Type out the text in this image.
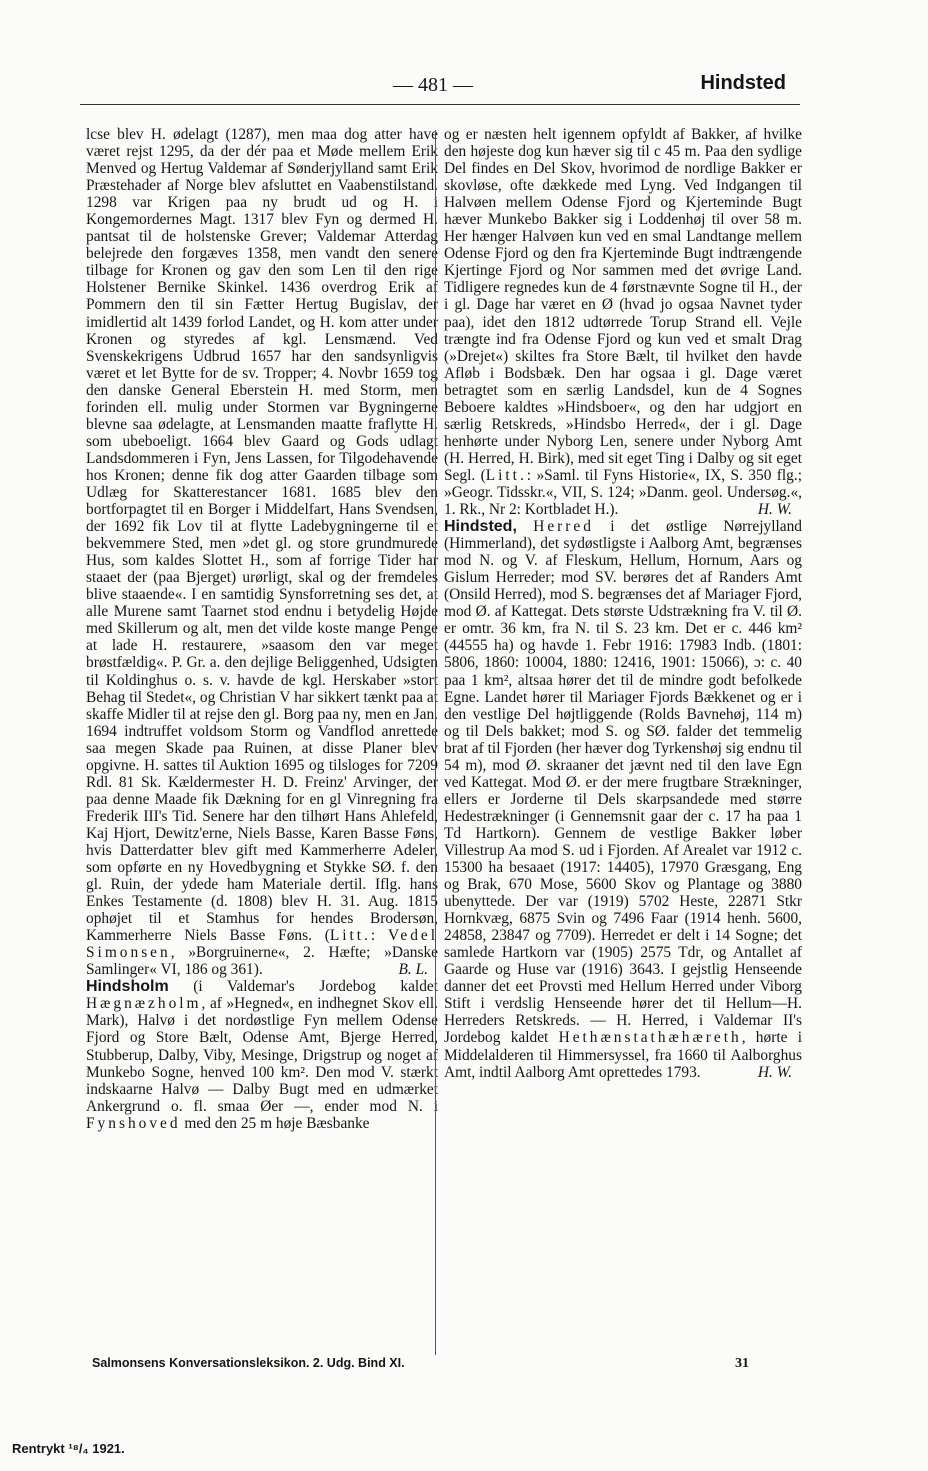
— 481 —	Hindsted

lcse blev H. ødelagt (1287), men maa dog atter have været rejst 1295, da der dér paa et Møde mellem Erik Menved og Hertug Valdemar af Sønderjylland samt Erik Præstehader af Norge blev afsluttet en Vaabenstilstand. 1298 var Krigen paa ny brudt ud og H. i Kongemordernes Magt. 1317 blev Fyn og dermed H. pantsat til de holstenske Grever; Valdemar Atterdag belejrede den forgæves 1358, men vandt den senere tilbage for Kronen og gav den som Len til den rige Holstener Bernike Skinkel. 1436 overdrog Erik af Pommern den til sin Fætter Hertug Bugislav, der imidlertid alt 1439 forlod Landet, og H. kom atter under Kronen og styredes af kgl. Lensmænd. Ved Svenskekrigens Udbrud 1657 har den sandsynligvis været et let Bytte for de sv. Tropper; 4. Novbr 1659 tog den danske General Eberstein H. med Storm, men forinden ell. mulig under Stormen var Bygningerne blevne saa ødelagte, at Lensmanden maatte fraflytte H. som ubeboeligt. 1664 blev Gaard og Gods udlagt Landsdommeren i Fyn, Jens Lassen, for Tilgodehavende hos Kronen; denne fik dog atter Gaarden tilbage som Udlæg for Skatterestancer 1681. 1685 blev den bortforpagtet til en Borger i Middelfart, Hans Svendsen, der 1692 fik Lov til at flytte Ladebygningerne til et bekvemmere Sted, men »det gl. og store grundmurede Hus, som kaldes Slottet H., som af forrige Tider har staaet der (paa Bjerget) urørligt, skal og der fremdeles blive staaende«. I en samtidig Synsforretning ses det, at alle Murene samt Taarnet stod endnu i betydelig Højde med Skillerum og alt, men det vilde koste mange Penge at lade H. restaurere, »saasom den var meget brøstfældig«. P. Gr. a. den dejlige Beliggenhed, Udsigten til Koldinghus o. s. v. havde de kgl. Herskaber »stort Behag til Stedet«, og Christian V har sikkert tænkt paa at skaffe Midler til at rejse den gl. Borg paa ny, men en Jan. 1694 indtruffet voldsom Storm og Vandflod anrettede saa megen Skade paa Ruinen, at disse Planer blev opgivne. H. sattes til Auktion 1695 og tilsloges for 7209 Rdl. 81 Sk. Kældermester H. D. Freinz' Arvinger, der paa denne Maade fik Dækning for en gl Vinregning fra Frederik III's Tid. Senere har den tilhørt Hans Ahlefeld, Kaj Hjort, Dewitz'erne, Niels Basse, Karen Basse Føns, hvis Datterdatter blev gift med Kammerherre Adeler, som opførte en ny Hovedbygning et Stykke SØ. f. den gl. Ruin, der ydede ham Materiale dertil. Iflg. hans Enkes Testamente (d. 1808) blev H. 31. Aug. 1815 ophøjet til et Stamhus for hendes Brodersøn, Kammerherre Niels Basse Føns. (Litt.: Vedel Simonsen, »Borgruinerne«, 2. Hæfte; »Danske Samlinger« VI, 186 og 361).	B. L.

Hindsholm (i Valdemar's Jordebog kaldet Hægnæzholm, af »Hegned«, en indhegnet Skov ell. Mark), Halvø i det nordøstlige Fyn mellem Odense Fjord og Store Bælt, Odense Amt, Bjerge Herred, Stubberup, Dalby, Viby, Mesinge, Drigstrup og noget af Munkebo Sogne, henved 100 km². Den mod V. stærkt indskaarne Halvø — Dalby Bugt med en udmærket Ankergrund o. fl. smaa Øer —, ender mod N. i Fynshoved med den 25 m høje Bæsbanke

og er næsten helt igennem opfyldt af Bakker, af hvilke den højeste dog kun hæver sig til c 45 m. Paa den sydlige Del findes en Del Skov, hvorimod de nordlige Bakker er skovløse, ofte dækkede med Lyng. Ved Indgangen til Halvøen mellem Odense Fjord og Kjerteminde Bugt hæver Munkebo Bakker sig i Loddenhøj til over 58 m. Her hænger Halvøen kun ved en smal Landtange mellem Odense Fjord og den fra Kjerteminde Bugt indtrængende Kjertinge Fjord og Nor sammen med det øvrige Land. Tidligere regnedes kun de 4 førstnævnte Sogne til H., der i gl. Dage har været en Ø (hvad jo ogsaa Navnet tyder paa), idet den 1812 udtørrede Torup Strand ell. Vejle trængte ind fra Odense Fjord og kun ved et smalt Drag (»Drejet«) skiltes fra Store Bælt, til hvilket den havde Afløb i Bodsbæk. Den har ogsaa i gl. Dage været betragtet som en særlig Landsdel, kun de 4 Sognes Beboere kaldtes »Hindsboer«, og den har udgjort en særlig Retskreds, »Hindsbo Herred«, der i gl. Dage henhørte under Nyborg Len, senere under Nyborg Amt (H. Herred, H. Birk), med sit eget Ting i Dalby og sit eget Segl. (Litt.: »Saml. til Fyns Historie«, IX, S. 350 flg.; »Geogr. Tidsskr.«, VII, S. 124; »Danm. geol. Undersøg.«, 1. Rk., Nr 2: Kortbladet H.).	H. W.

Hindsted, Herred i det østlige Nørrejylland (Himmerland), det sydøstligste i Aalborg Amt, begrænses mod N. og V. af Fleskum, Hellum, Hornum, Aars og Gislum Herreder; mod SV. berøres det af Randers Amt (Onsild Herred), mod S. begrænses det af Mariager Fjord, mod Ø. af Kattegat. Dets største Udstrækning fra V. til Ø. er omtr. 36 km, fra N. til S. 23 km. Det er c. 446 km² (44555 ha) og havde 1. Febr 1916: 17983 Indb. (1801: 5806, 1860: 10004, 1880: 12416, 1901: 15066), ɔ: c. 40 paa 1 km², altsaa hører det til de mindre godt befolkede Egne. Landet hører til Mariager Fjords Bækkenet og er i den vestlige Del højtliggende (Rolds Bavnehøj, 114 m) og til Dels bakket; mod S. og SØ. falder det temmelig brat af til Fjorden (her hæver dog Tyrkenshøj sig endnu til 54 m), mod Ø. skraaner det jævnt ned til den lave Egn ved Kattegat. Mod Ø. er der mere frugtbare Strækninger, ellers er Jorderne til Dels skarpsandede med større Hedestrækninger (i Gennemsnit gaar der c. 17 ha paa 1 Td Hartkorn). Gennem de vestlige Bakker løber Villestrup Aa mod S. ud i Fjorden. Af Arealet var 1912 c. 15300 ha besaaet (1917: 14405), 17970 Græsgang, Eng og Brak, 670 Mose, 5600 Skov og Plantage og 3880 ubenyttede. Der var (1919) 5702 Heste, 22871 Stkr Hornkvæg, 6875 Svin og 7496 Faar (1914 henh. 5600, 24858, 23847 og 7709). Herredet er delt i 14 Sogne; det samlede Hartkorn var (1905) 2575 Tdr, og Antallet af Gaarde og Huse var (1916) 3643. I gejstlig Henseende danner det eet Provsti med Hellum Herred under Viborg Stift i verdslig Henseende hører det til Hellum—H. Herreders Retskreds. — H. Herred, i Valdemar II's Jordebog kaldet Hethænstathæhæreth, hørte i Middelalderen til Himmersyssel, fra 1660 til Aalborghus Amt, indtil Aalborg Amt oprettedes 1793.	H. W.

Salmonsens Konversationsleksikon. 2. Udg. Bind XI.	31
Rentrykt ¹⁸/₄ 1921.
